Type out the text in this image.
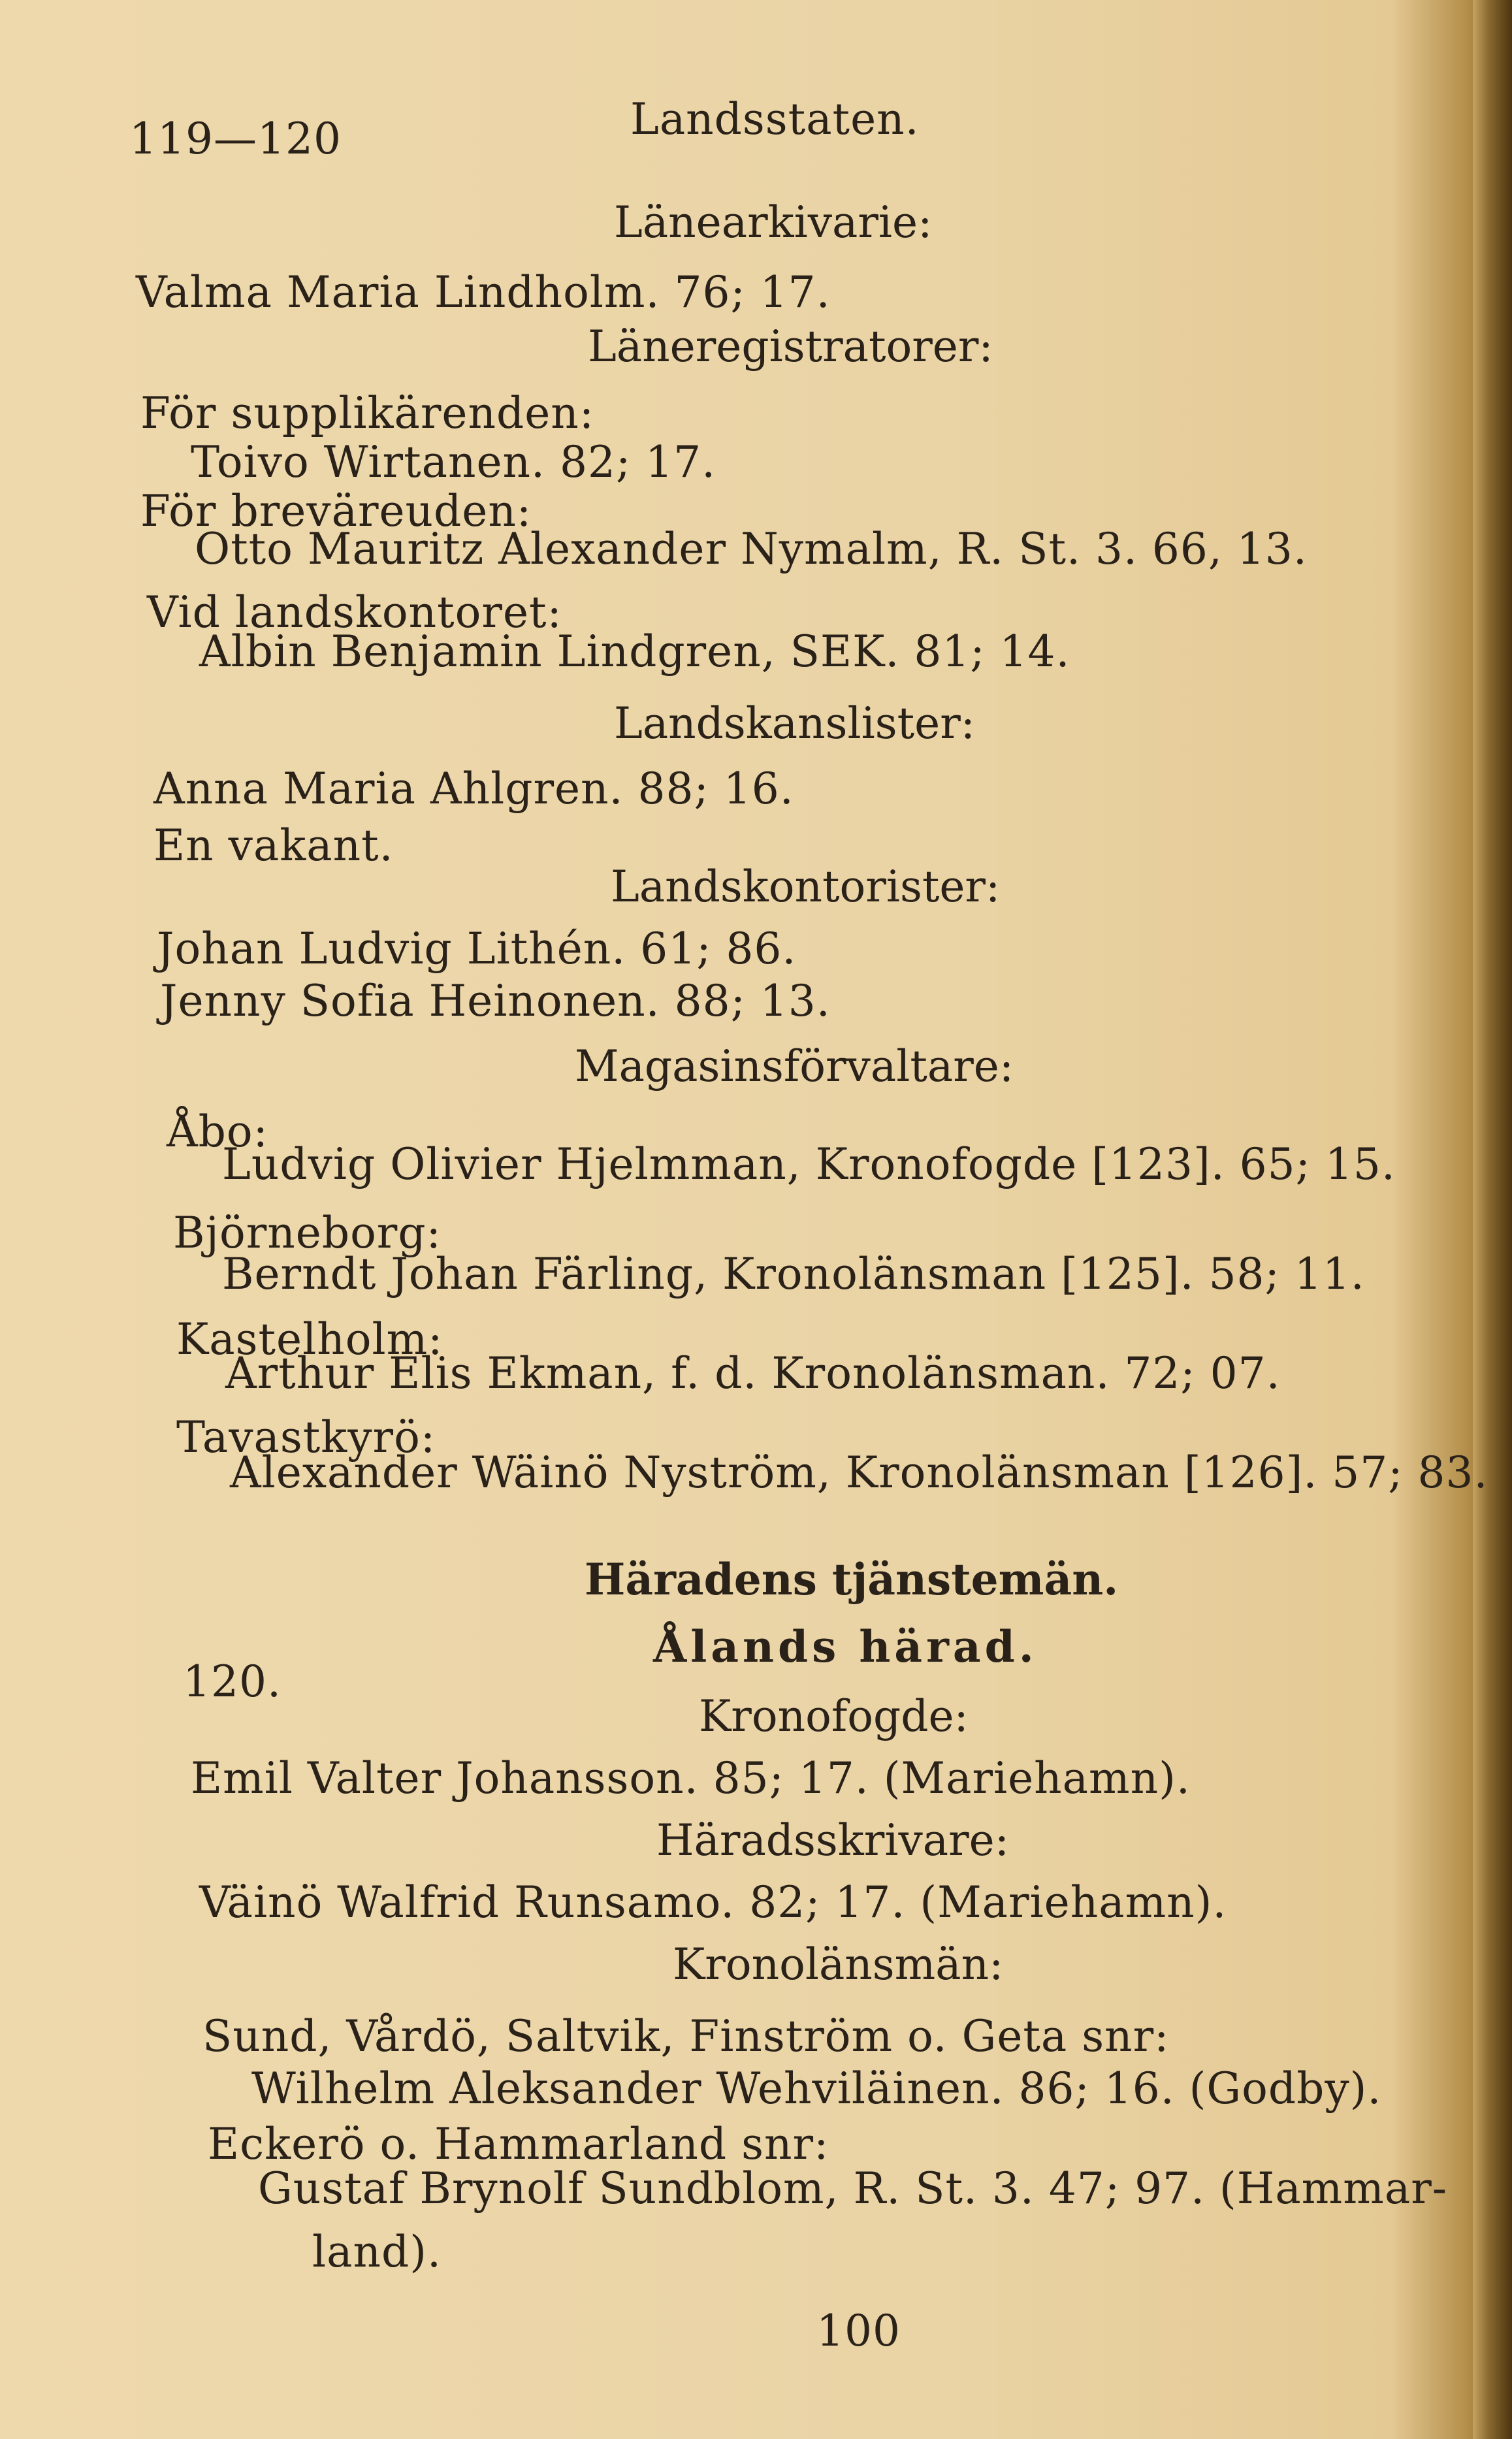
119—120	Landsstaten.
Länearkivarie:
Valma Maria Lindholm. 76; 17.
Läneregistratorer:
För supplikärenden:
Toivo Wirtanen. 82; 17.
För breväreuden:
Otto Mauritz Alexander Nymalm, R. St. 3. 66, 13.
Vid landskontoret:
Albin Benjamin Lindgren, SEK. 81; 14.
Landskanslister:
Anna Maria Ahlgren. 88; 16.
En vakant.
Landskontorister:
Johan Ludvig Lithén. 61; 86.
Jenny Sofia Heinonen. 88; 13.
Magasinsförvaltare:
Åbo:
Ludvig Olivier Hjelmman, Kronofogde [123]. 65; 15.
Björneborg:
Berndt Johan Färling, Kronolänsman [125]. 58; 11.
Kastelholm:
Arthur Elis Ekman, f. d. Kronolänsman. 72; 07.
Tavastkyrö:
Alexander Wäinö Nyström, Kronolänsman [126]. 57; 83.
Häradens tjänstemän.
120.
Ålands härad.
Kronofogde:
Emil Valter Johansson. 85; 17. (Mariehamn).
Häradsskrivare:
Väinö Walfrid Runsamo. 82; 17. (Mariehamn).
Kronolänsmän:
Sund, Vårdö, Saltvik, Finström o. Geta snr:
Wilhelm Aleksander Wehviläinen. 86; 16. (Godby).
Eckerö o. Hammarland snr:
Gustaf Brynolf Sundblom, R. St. 3. 47; 97. (Hammar-
land).
100
